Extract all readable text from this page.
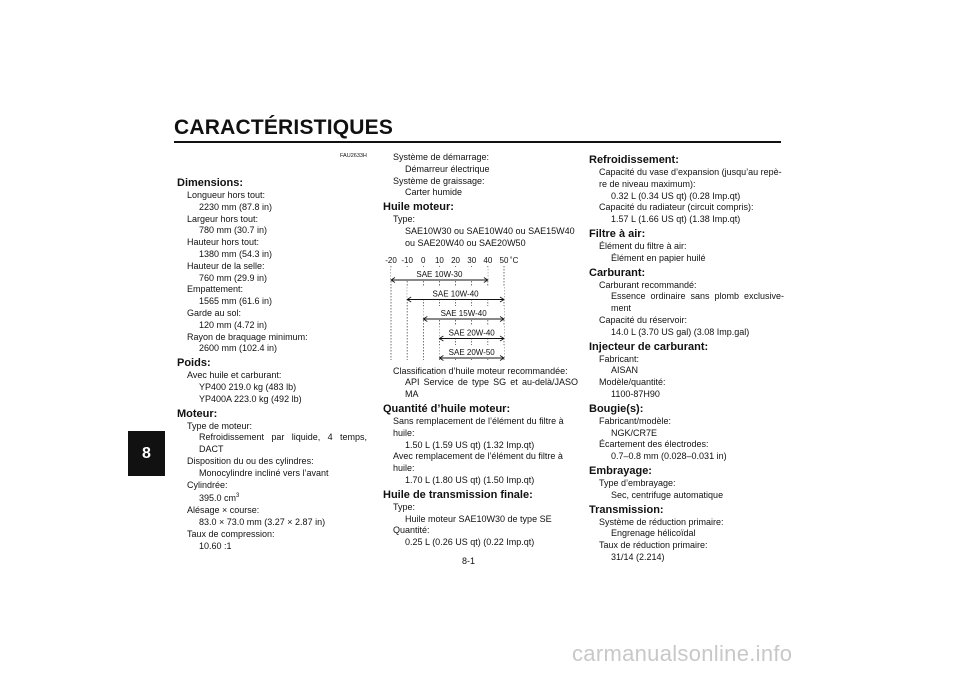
CARACTÉRISTIQUES
8
FAU2633H
Dimensions:
Longueur hors tout:
2230 mm (87.8 in)
Largeur hors tout:
780 mm (30.7 in)
Hauteur hors tout:
1380 mm (54.3 in)
Hauteur de la selle:
760 mm (29.9 in)
Empattement:
1565 mm (61.6 in)
Garde au sol:
120 mm (4.72 in)
Rayon de braquage minimum:
2600 mm (102.4 in)
Poids:
Avec huile et carburant:
YP400 219.0 kg (483 lb)
YP400A 223.0 kg (492 lb)
Moteur:
Type de moteur:
Refroidissement par liquide, 4 temps,
DACT
Disposition du ou des cylindres:
Monocylindre incliné vers l’avant
Cylindrée:
395.0 $cm^3$
Alésage × course:
83.0 × 73.0 mm (3.27 × 2.87 in)
Taux de compression:
10.60 :1
Système de démarrage:
Démarreur électrique
Système de graissage:
Carter humide
Huile moteur:
Type:
SAE10W30 ou SAE10W40 ou SAE15W40
ou SAE20W40 ou SAE20W50
-20 -10 0 10 20 30 40 50 ˚C
SAE 10W-30
SAE 10W-40
SAE 15W-40
SAE 20W-40
SAE 20W-50
Classification d’huile moteur recommandée:
API Service de type SG et au-delà/JASO
MA
Quantité d’huile moteur:
Sans remplacement de l’élément du filtre à
huile:
1.50 L (1.59 US qt) (1.32 Imp.qt)
Avec remplacement de l’élément du filtre à
huile:
1.70 L (1.80 US qt) (1.50 Imp.qt)
Huile de transmission finale:
Type:
Huile moteur SAE10W30 de type SE
Quantité:
0.25 L (0.26 US qt) (0.22 Imp.qt)
Refroidissement:
Capacité du vase d’expansion (jusqu’au repè-
re de niveau maximum):
0.32 L (0.34 US qt) (0.28 Imp.qt)
Capacité du radiateur (circuit compris):
1.57 L (1.66 US qt) (1.38 Imp.qt)
Filtre à air:
Élément du filtre à air:
Élément en papier huilé
Carburant:
Carburant recommandé:
Essence ordinaire sans plomb exclusive-
ment
Capacité du réservoir:
14.0 L (3.70 US gal) (3.08 Imp.gal)
Injecteur de carburant:
Fabricant:
AISAN
Modèle/quantité:
1100-87H90
Bougie(s):
Fabricant/modèle:
NGK/CR7E
Écartement des électrodes:
0.7–0.8 mm (0.028–0.031 in)
Embrayage:
Type d’embrayage:
Sec, centrifuge automatique
Transmission:
Système de réduction primaire:
Engrenage hélicoïdal
Taux de réduction primaire:
31/14 (2.214)
8-1
carmanualsonline.info
